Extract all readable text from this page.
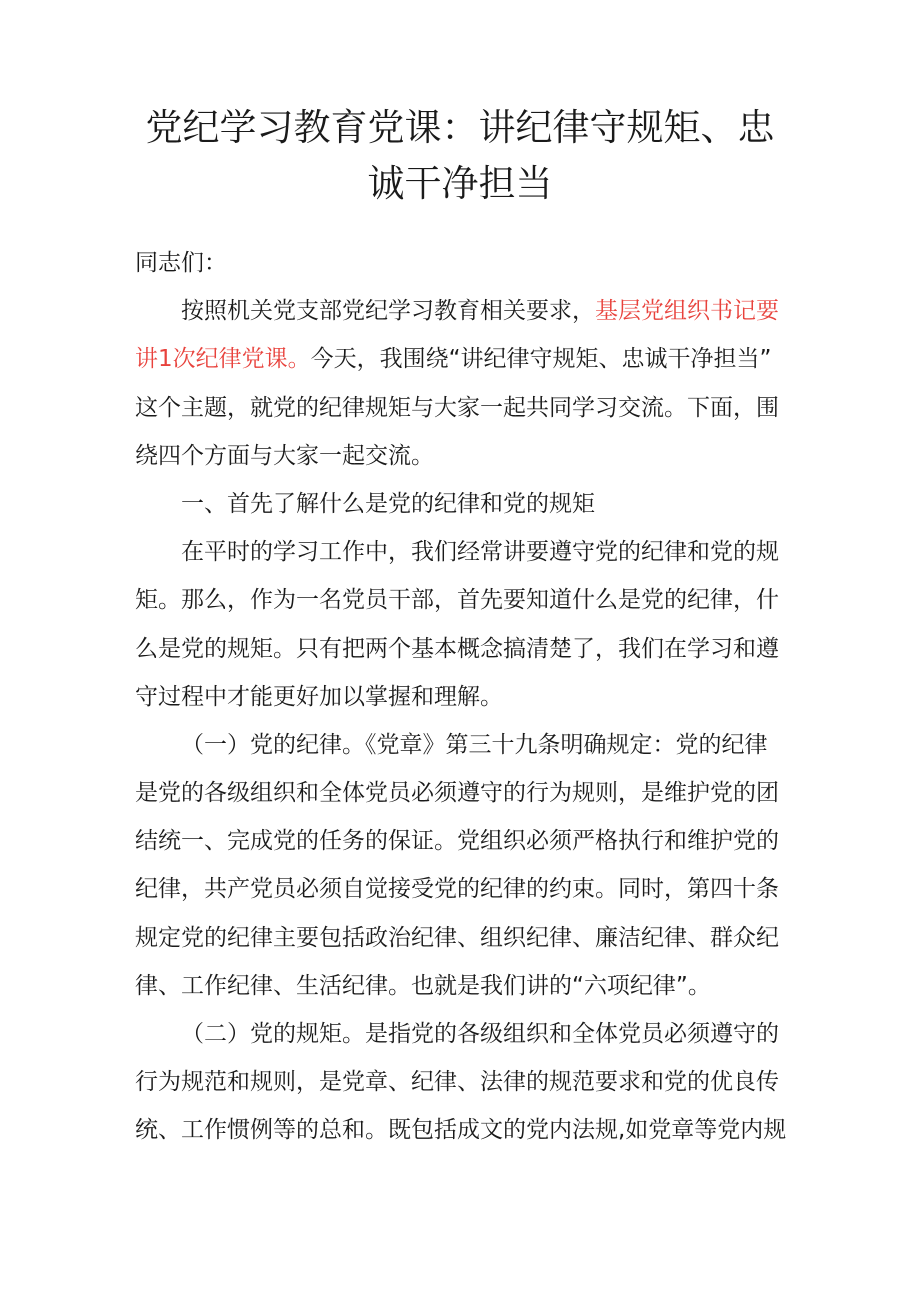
党纪学习教育党课：讲纪律守规矩、忠
诚干净担当
同志们：
按照机关党支部党纪学习教育相关要求，基层党组织书记要
讲1次纪律党课。今天，我围绕“讲纪律守规矩、忠诚干净担当”
这个主题，就党的纪律规矩与大家一起共同学习交流。下面，围
绕四个方面与大家一起交流。
一、首先了解什么是党的纪律和党的规矩
在平时的学习工作中，我们经常讲要遵守党的纪律和党的规
矩。那么，作为一名党员干部，首先要知道什么是党的纪律，什
么是党的规矩。只有把两个基本概念搞清楚了，我们在学习和遵
守过程中才能更好加以掌握和理解。
（一）党的纪律。《党章》第三十九条明确规定：党的纪律
是党的各级组织和全体党员必须遵守的行为规则，是维护党的团
结统一、完成党的任务的保证。党组织必须严格执行和维护党的
纪律，共产党员必须自觉接受党的纪律的约束。同时，第四十条
规定党的纪律主要包括政治纪律、组织纪律、廉洁纪律、群众纪
律、工作纪律、生活纪律。也就是我们讲的“六项纪律”。
（二）党的规矩。是指党的各级组织和全体党员必须遵守的
行为规范和规则，是党章、纪律、法律的规范要求和党的优良传
统、工作惯例等的总和。既包括成文的党内法规,如党章等党内规
